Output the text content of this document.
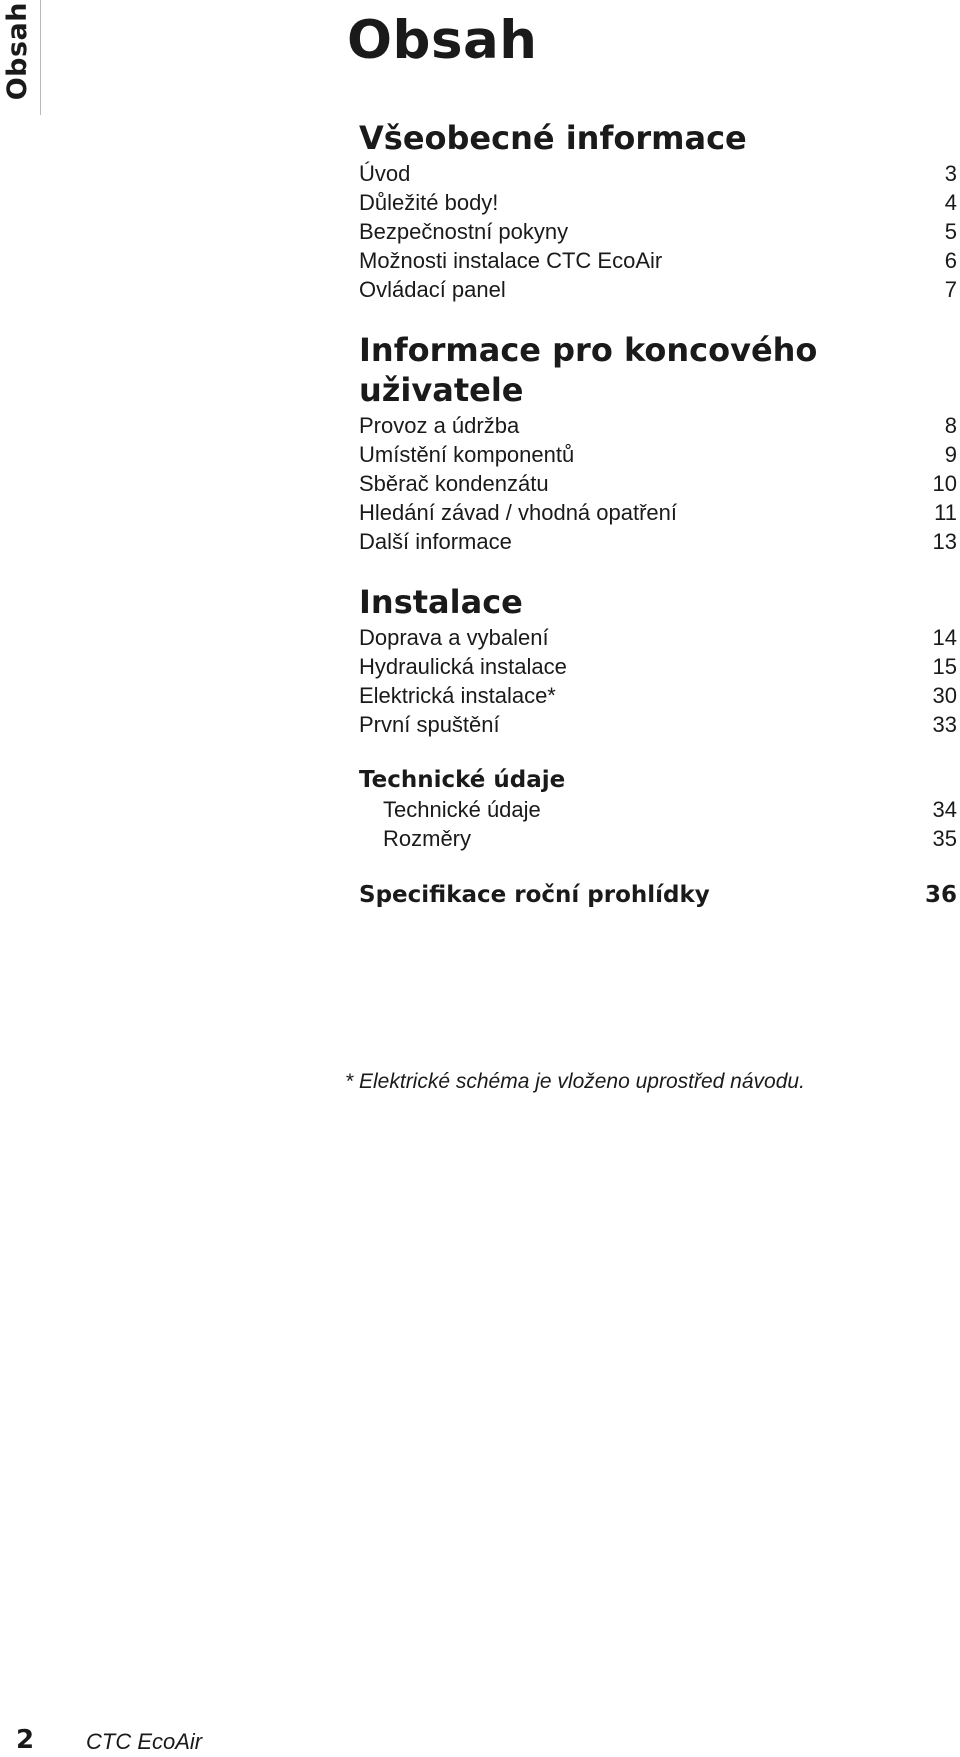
Obsah	Obsah
Všeobecné informace
Úvod	3
Důležité body!	4
Bezpečnostní pokyny	5
Možnosti instalace CTC EcoAir	6
Ovládací panel	7
Informace pro koncového
uživatele
Provoz a údržba	8
Umístění komponentů	9
Sběrač kondenzátu	10
Hledání závad / vhodná opatření	11
Další informace	13
Instalace
Doprava a vybalení	14
Hydraulická instalace	15
Elektrická instalace*	30
První spuštění	33
Technické údaje
Technické údaje	34
Rozměry	35
Specifikace roční prohlídky	36

* Elektrické schéma je vloženo uprostřed návodu.

2 CTC EcoAir
